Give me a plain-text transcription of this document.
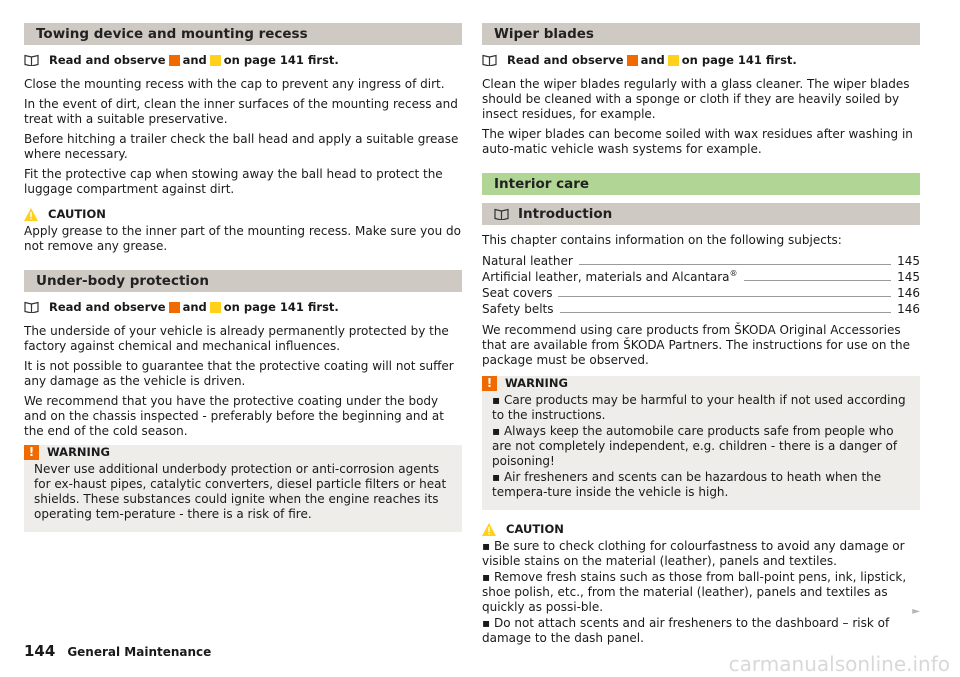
Towing device and mounting recess
Read and observe and on page 141 first.

Close the mounting recess with the cap to prevent any ingress of dirt.

In the event of dirt, clean the inner surfaces of the mounting recess and treat with a suitable preservative.

Before hitching a trailer check the ball head and apply a suitable grease where necessary.

Fit the protective cap when stowing away the ball head to protect the luggage compartment against dirt.

CAUTION

Apply grease to the inner part of the mounting recess. Make sure you do not remove any grease.

Under-body protection
Read and observe and on page 141 first.

The underside of your vehicle is already permanently protected by the factory against chemical and mechanical influences.

It is not possible to guarantee that the protective coating will not suffer any damage as the vehicle is driven.

We recommend that you have the protective coating under the body and on the chassis inspected - preferably before the beginning and at the end of the cold season.

!	WARNING

Never use additional underbody protection or anti-corrosion agents for ex-haust pipes, catalytic converters, diesel particle filters or heat shields. These substances could ignite when the engine reaches its operating tem-perature - there is a risk of fire.

Wiper blades
Read and observe and on page 141 first.

Clean the wiper blades regularly with a glass cleaner. The wiper blades should be cleaned with a sponge or cloth if they are heavily soiled by insect residues, for example.

The wiper blades can become soiled with wax residues after washing in auto-matic vehicle wash systems for example.

Interior care
Introduction

This chapter contains information on the following subjects:

Natural leather	145
Artificial leather, materials and Alcantara®	145
Seat covers	146
Safety belts	146

We recommend using care products from ŠKODA Original Accessories that are available from ŠKODA Partners. The instructions for use on the package must be observed.

!	WARNING

▪ Care products may be harmful to your health if not used according to the instructions.

▪ Always keep the automobile care products safe from people who are not completely independent, e.g. children - there is a danger of poisoning!

▪ Air fresheners and scents can be hazardous to heath when the tempera-ture inside the vehicle is high.

CAUTION

▪ Be sure to check clothing for colourfastness to avoid any damage or visible stains on the material (leather), panels and textiles.

▪ Remove fresh stains such as those from ball-point pens, ink, lipstick, shoe polish, etc., from the material (leather), panels and textiles as quickly as possi-ble.

▪ Do not attach scents and air fresheners to the dashboard – risk of damage to the dash panel.

►
144 General Maintenance	carmanualsonline.info
